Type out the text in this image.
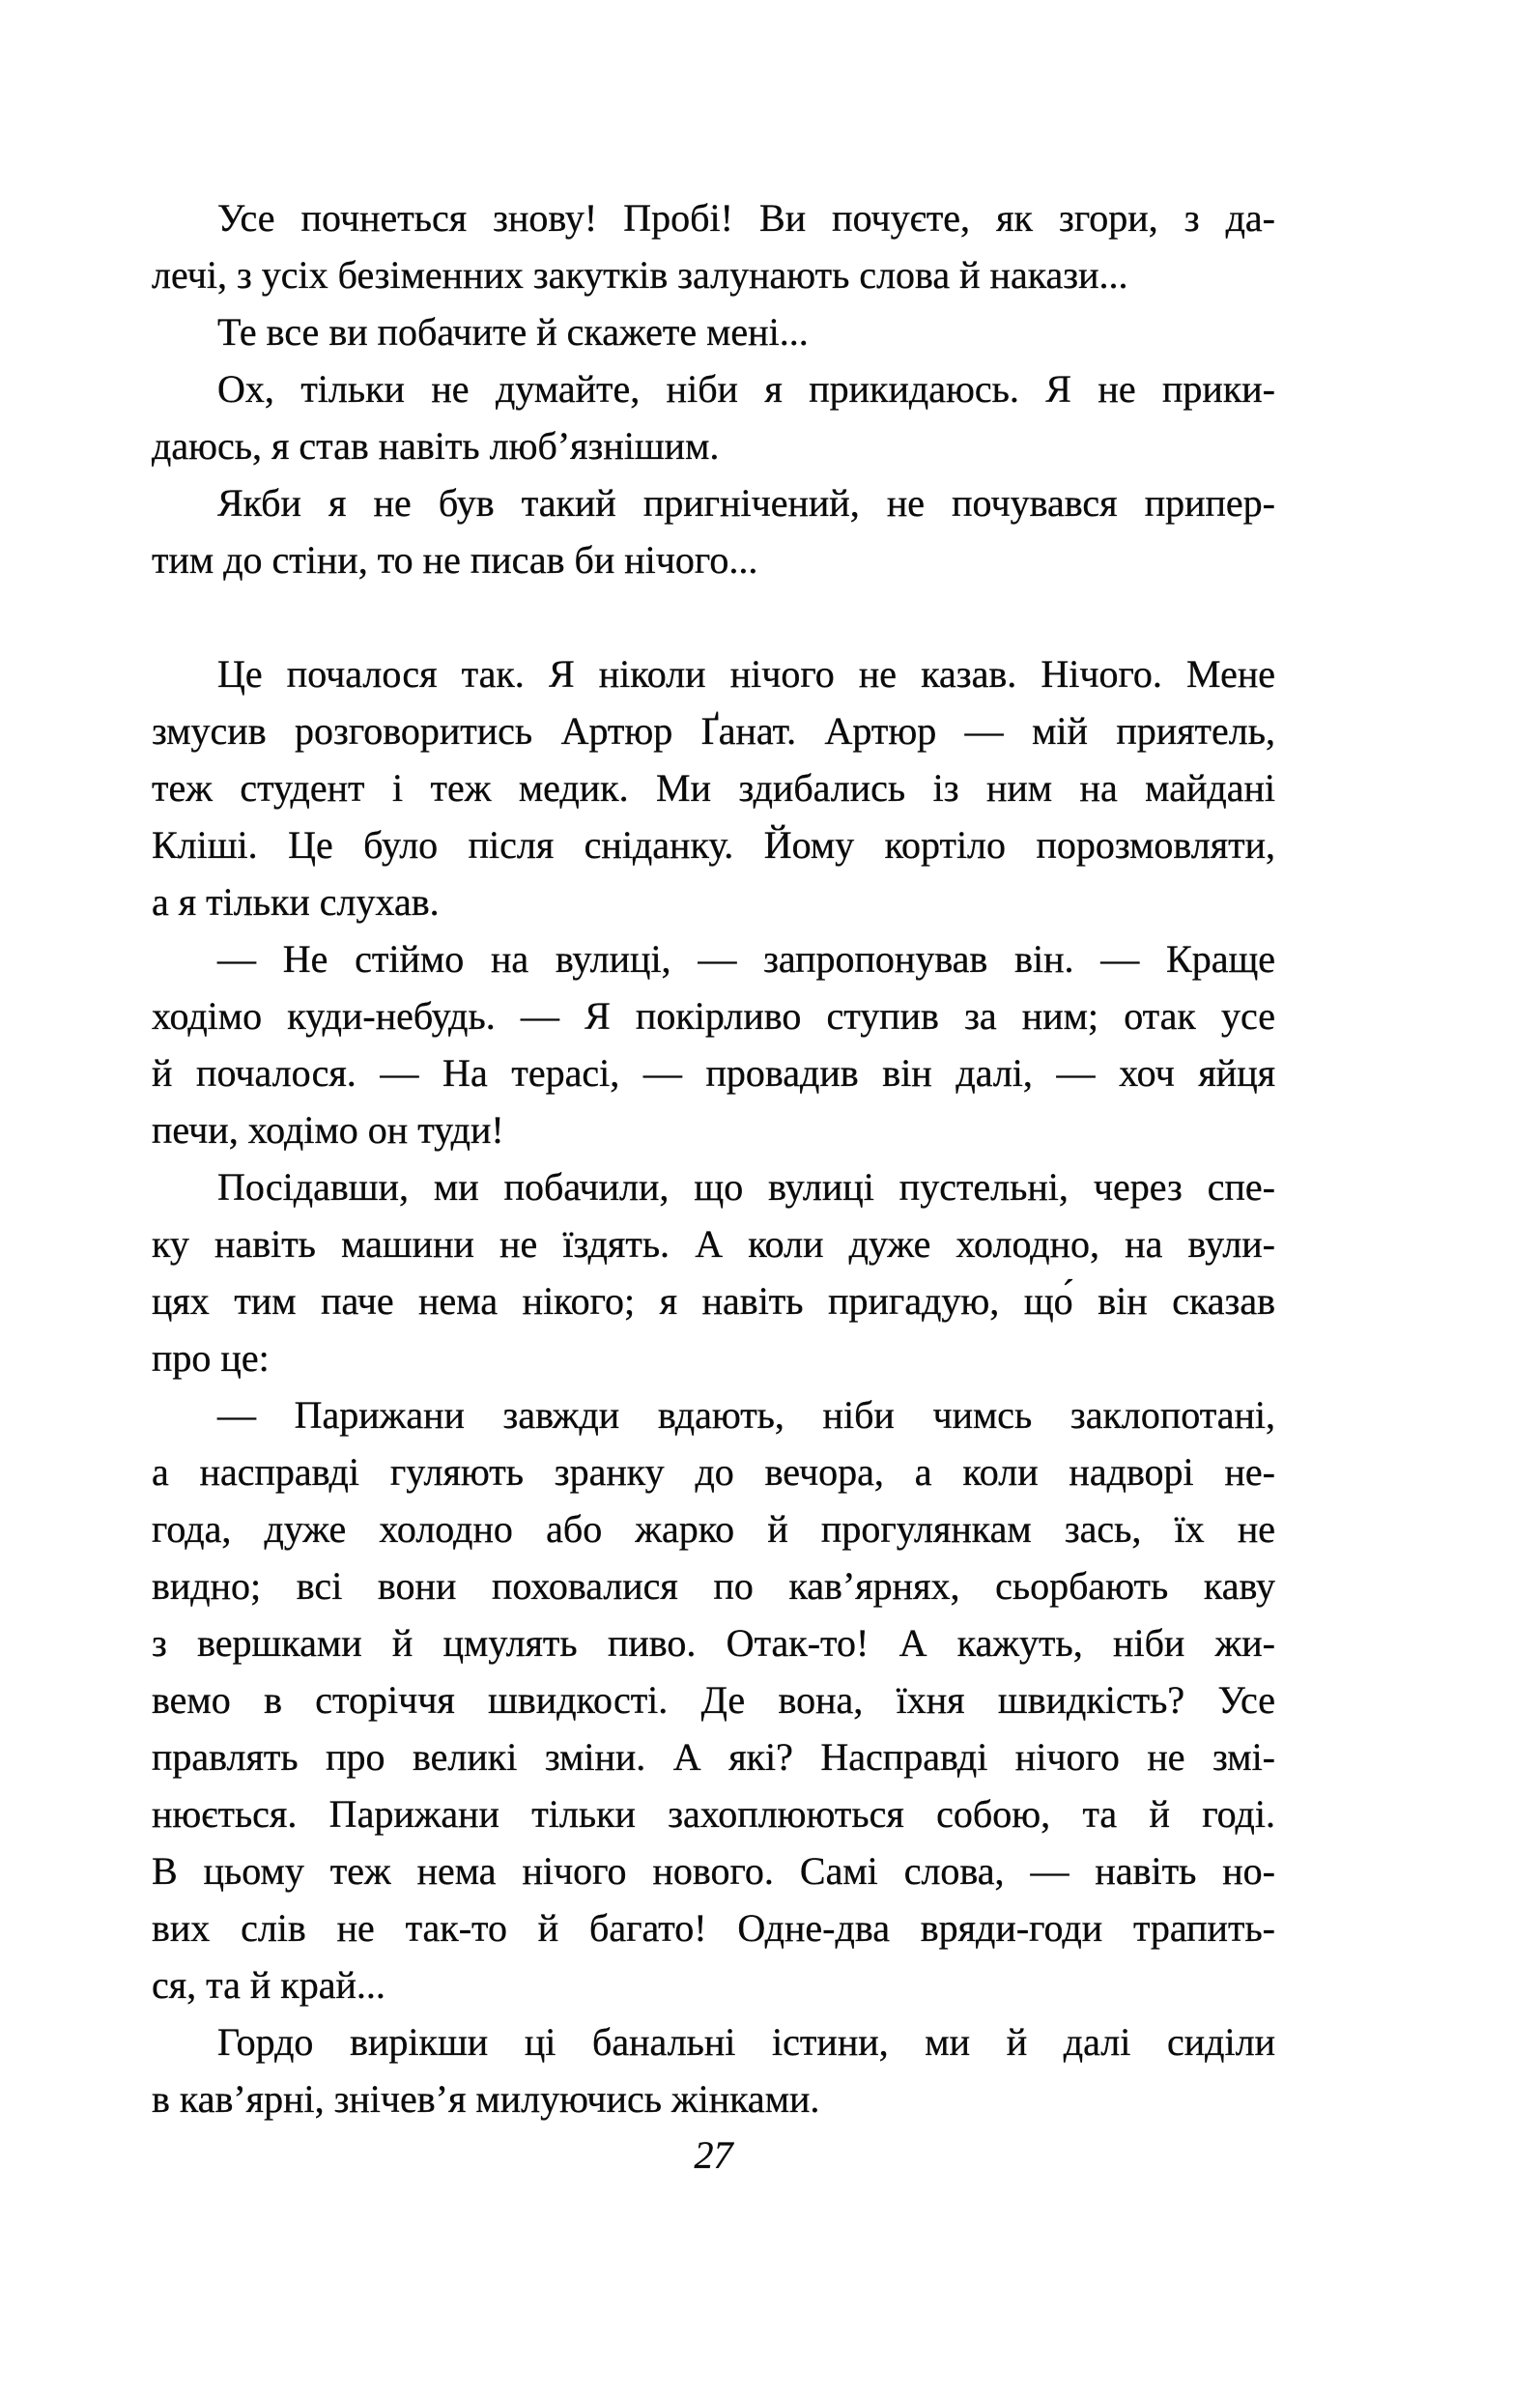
Усе почнеться знову! Пробі! Ви почуєте, як згори, з да-
лечі, з усіх безіменних закутків залунають слова й накази...
Те все ви побачите й скажете мені...
Ох, тільки не думайте, ніби я прикидаюсь. Я не прики-
даюсь, я став навіть люб’язнішим.
Якби я не був такий пригнічений, не почувався припер-
тим до стіни, то не писав би нічого...
Це почалося так. Я ніколи нічого не казав. Нічого. Мене
змусив розговоритись Артюр Ґанат. Артюр — мій приятель,
теж студент і теж медик. Ми здибались із ним на майдані
Кліші. Це було після сніданку. Йому кортіло порозмовляти,
а я тільки слухав.
— Не стіймо на вулиці, — запропонував він. — Краще
ходімо куди-небудь. — Я покірливо ступив за ним; отак усе
й почалося. — На терасі, — провадив він далі, — хоч яйця
печи, ходімо он туди!
Посідавши, ми побачили, що вулиці пустельні, через спе-
ку навіть машини не їздять. А коли дуже холодно, на вули-
цях тим паче нема нікого; я навіть пригадую, що́ він сказав
про це:
— Парижани завжди вдають, ніби чимсь заклопотані,
а насправді гуляють зранку до вечора, а коли надворі не-
года, дуже холодно або жарко й прогулянкам зась, їх не
видно; всі вони поховалися по кав’ярнях, сьорбають каву
з вершками й цмулять пиво. Отак-то! А кажуть, ніби жи-
вемо в сторіччя швидкості. Де вона, їхня швидкість? Усе
правлять про великі зміни. А які? Насправді нічого не змі-
нюється. Парижани тільки захоплюються собою, та й годі.
В цьому теж нема нічого нового. Самі слова, — навіть но-
вих слів не так-то й багато! Одне-два вряди-годи трапить-
ся, та й край...
Гордо вирікши ці банальні істини, ми й далі сиділи
в кав’ярні, знічев’я милуючись жінками.
27
